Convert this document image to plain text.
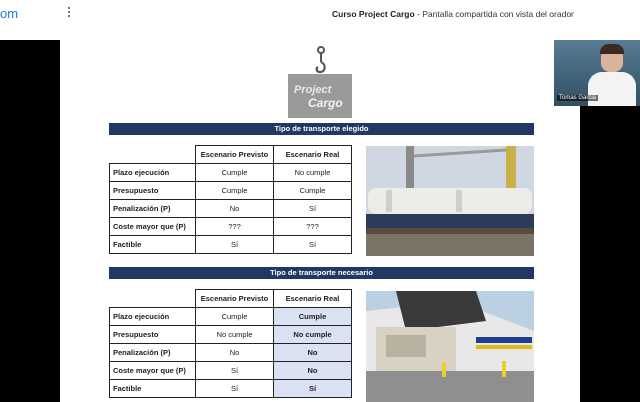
om	Curso Project Cargo - Pantalla compartida con vista del orador
Project
Cargo
Tipo de transporte elegido
	Escenario Previsto	Escenario Real
Plazo ejecución	Cumple	No cumple
Presupuesto	Cumple	Cumple
Penalización (P)	No	Sí
Coste mayor que (P)	???	???
Factible	Sí	Sí
Tipo de transporte necesario
	Escenario Previsto	Escenario Real
Plazo ejecución	Cumple	Cumple
Presupuesto	No cumple	No cumple
Penalización (P)	No	No
Coste mayor que (P)	Sí	No
Factible	Sí	Sí
Tomas Garcia
